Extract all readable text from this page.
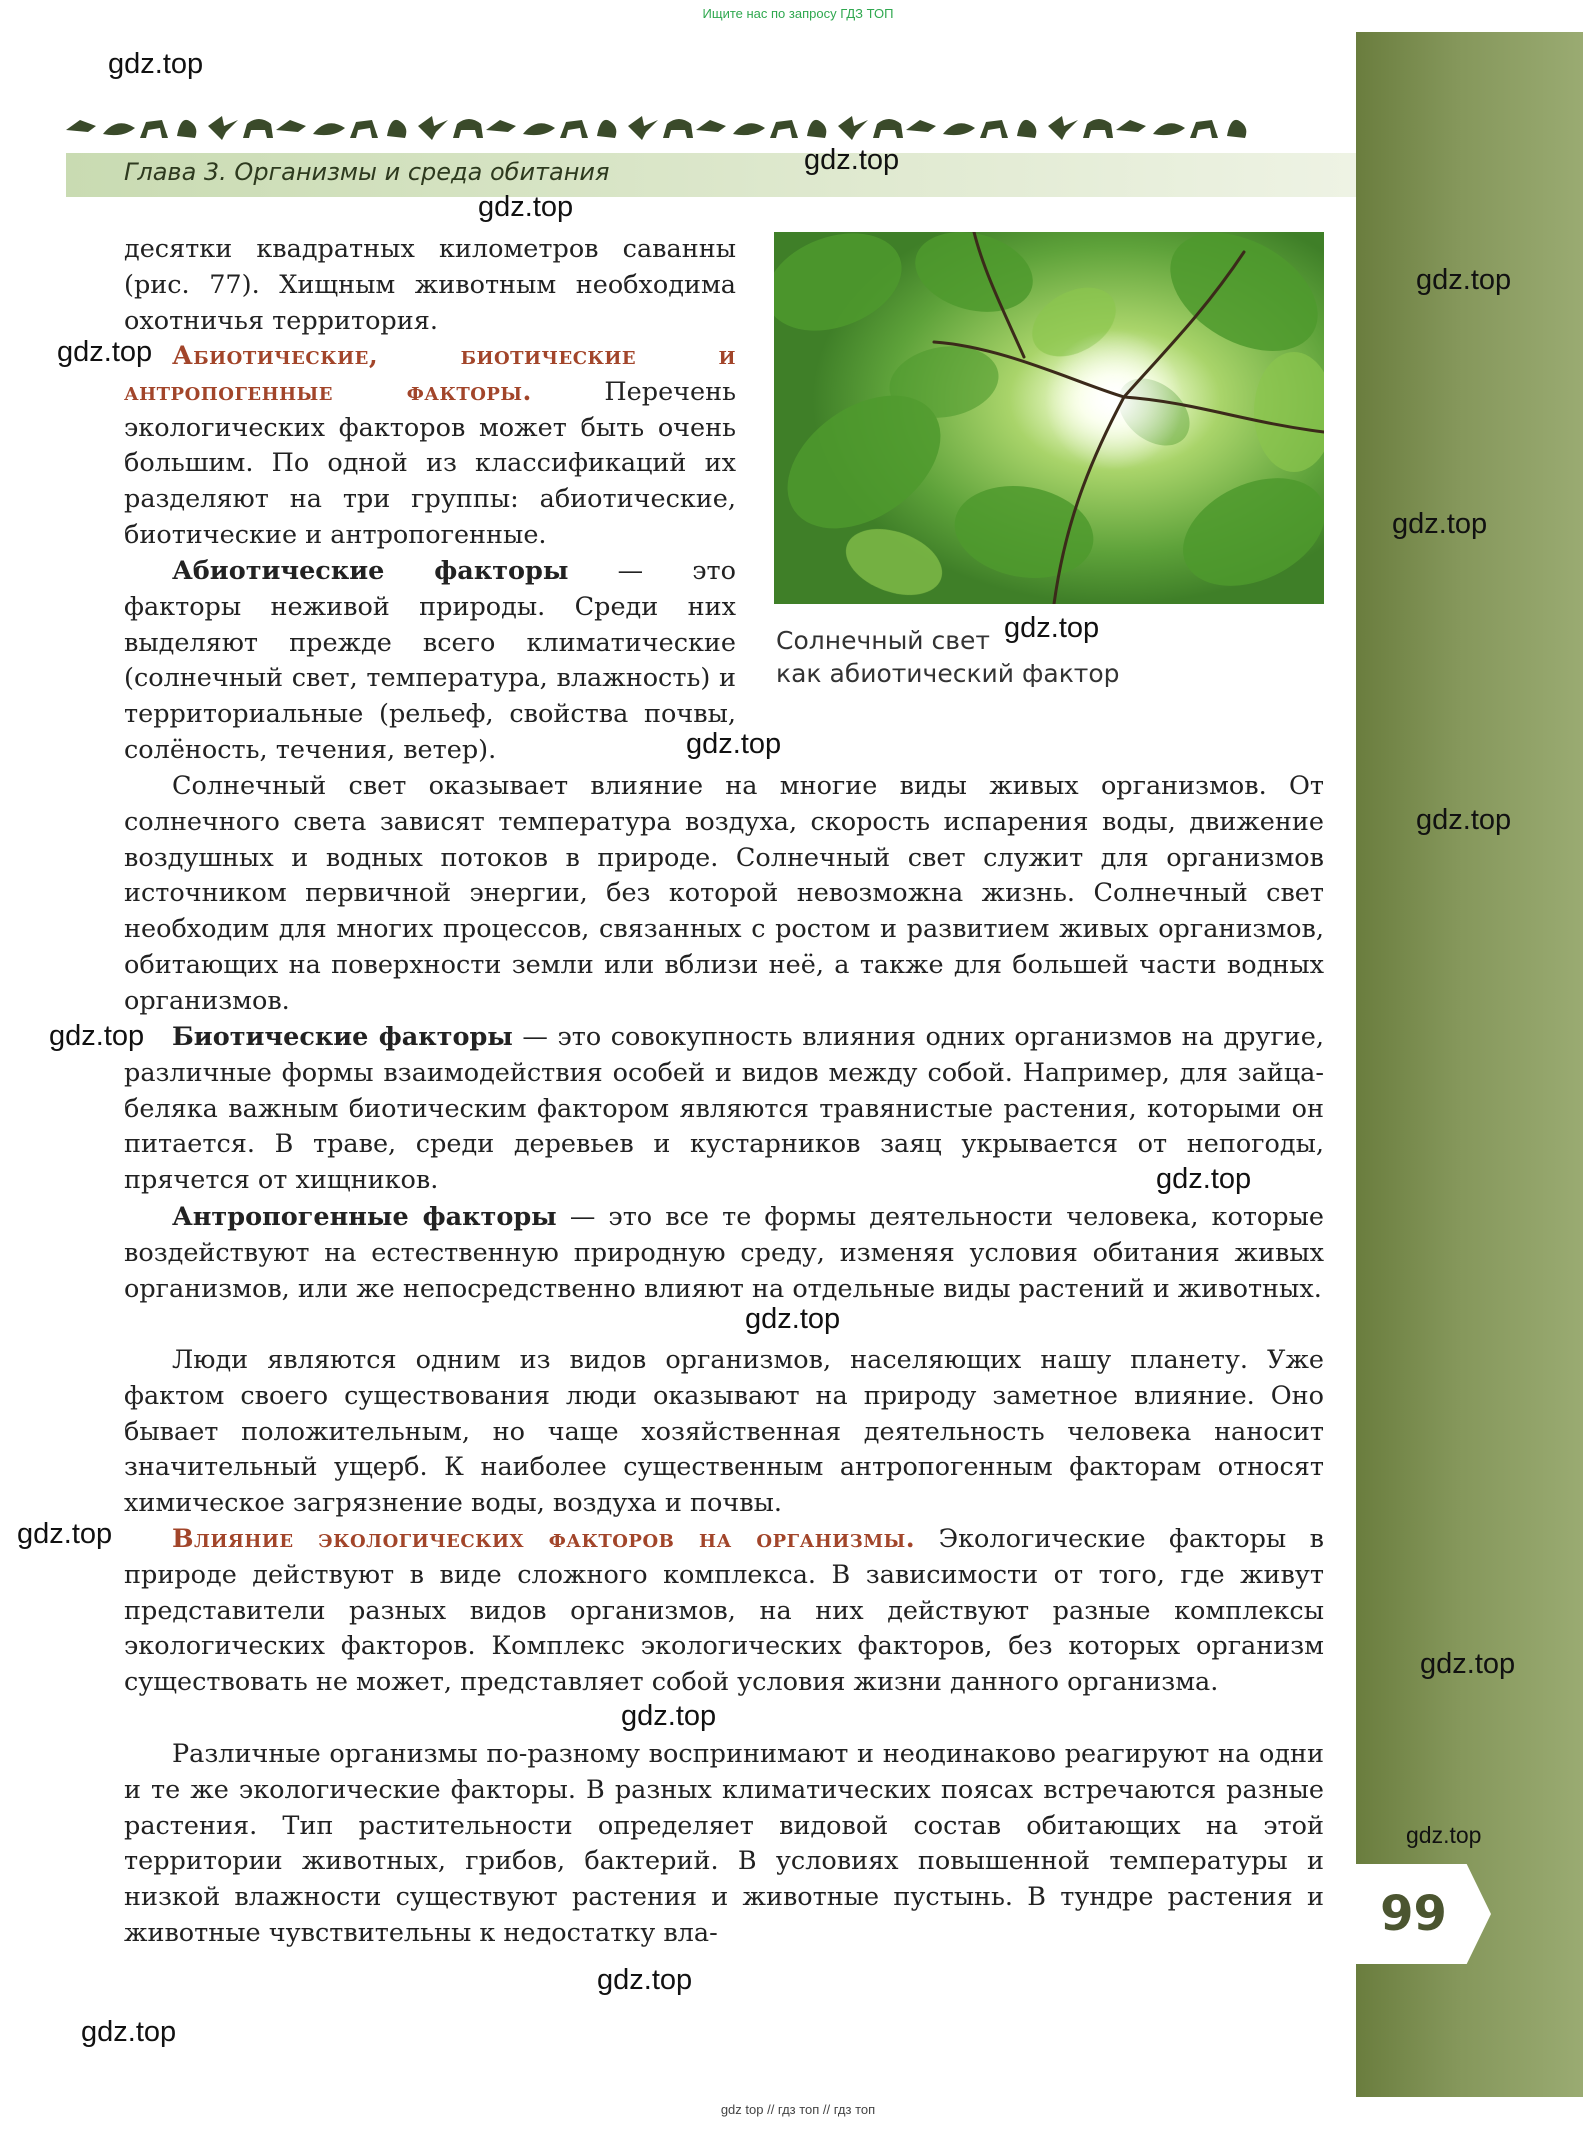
Ищите нас по запросу ГДЗ ТОП
99
Глава 3. Организмы и среда обитания
Солнечный свет
как абиотический фактор

десятки квадратных километров саванны (рис. 77). Хищным животным необходима охотничья территория.

Абиотические, биотические и антропогенные факторы. Перечень экологических факторов может быть очень большим. По одной из классификаций их разделяют на три группы: абиотические, биотические и антропогенные.

Абиотические факторы — это факторы неживой природы. Среди них выделяют прежде всего климатические (солнечный свет, температура, влажность) и территориальные (рельеф, свойства почвы, солёность, течения, ветер).

Солнечный свет оказывает влияние на многие виды живых организмов. От солнечного света зависят температура воздуха, скорость испарения воды, движение воздушных и водных потоков в природе. Солнечный свет служит для организмов источником первичной энергии, без которой невозможна жизнь. Солнечный свет необходим для многих процессов, связанных с ростом и развитием живых организмов, обитающих на поверхности земли или вблизи неё, а также для большей части водных организмов.

Биотические факторы — это совокупность влияния одних организмов на другие, различные формы взаимодействия особей и видов между собой. Например, для зайца-беляка важным биотическим фактором являются травянистые растения, которыми он питается. В траве, среди деревьев и кустарников заяц укрывается от непогоды, прячется от хищников.

Антропогенные факторы — это все те формы деятельности человека, которые воздействуют на естественную природную среду, изменяя условия обитания живых организмов, или же непосредственно влияют на отдельные виды растений и животных.

Люди являются одним из видов организмов, населяющих нашу планету. Уже фактом своего существования люди оказывают на природу заметное влияние. Оно бывает положительным, но чаще хозяйственная деятельность человека наносит значительный ущерб. К наиболее существенным антропогенным факторам относят химическое загрязнение воды, воздуха и почвы.

Влияние экологических факторов на организмы. Экологические факторы в природе действуют в виде сложного комплекса. В зависимости от того, где живут представители разных видов организмов, на них действуют разные комплексы экологических факторов. Комплекс экологических факторов, без которых организм существовать не может, представляет собой условия жизни данного организма.

Различные организмы по-разному воспринимают и неодинаково реагируют на одни и те же экологические факторы. В разных климатических поясах встречаются разные растения. Тип растительности определяет видовой состав обитающих на этой территории животных, грибов, бактерий. В условиях повышенной температуры и низкой влажности существуют растения и животные пустынь. В тундре растения и животные чувствительны к недостатку вла-

gdz.top
gdz.top
gdz.top
gdz.top
gdz.top
gdz.top
gdz.top
gdz.top
gdz.top
gdz.top
gdz.top
gdz.top
gdz.top
gdz.top
gdz.top
gdz.top
gdz.top
gdz.top
gdz top // гдз топ // гдз топ
